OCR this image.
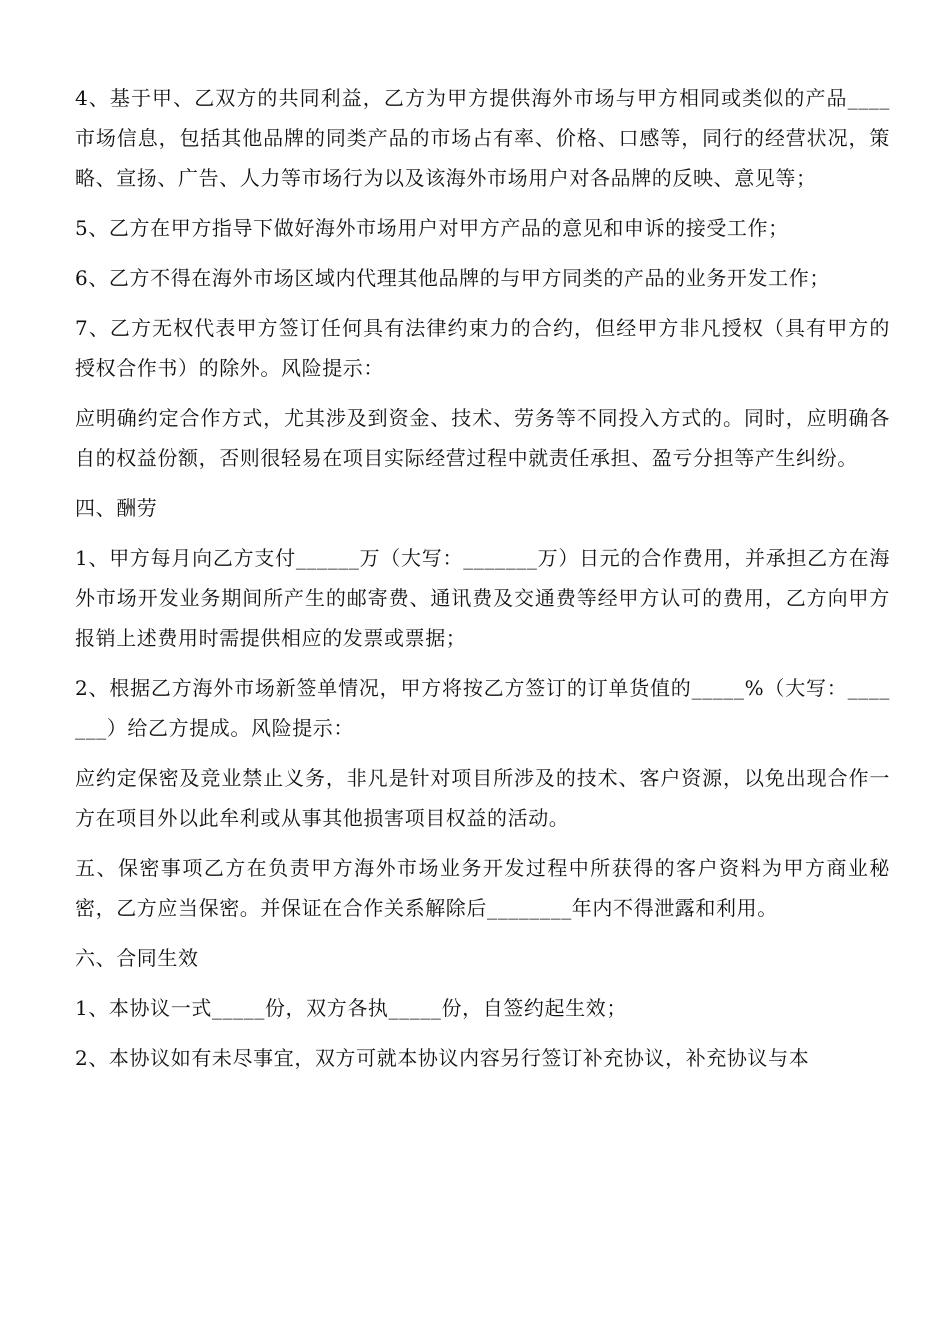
4、基于甲、乙双方的共同利益，乙方为甲方提供海外市场与甲方相同或类似的产品____市场信息，包括其他品牌的同类产品的市场占有率、价格、口感等，同行的经营状况，策略、宣扬、广告、人力等市场行为以及该海外市场用户对各品牌的反映、意见等；

5、乙方在甲方指导下做好海外市场用户对甲方产品的意见和申诉的接受工作；

6、乙方不得在海外市场区域内代理其他品牌的与甲方同类的产品的业务开发工作；

7、乙方无权代表甲方签订任何具有法律约束力的合约，但经甲方非凡授权（具有甲方的授权合作书）的除外。风险提示：

应明确约定合作方式，尤其涉及到资金、技术、劳务等不同投入方式的。同时，应明确各自的权益份额，否则很轻易在项目实际经营过程中就责任承担、盈亏分担等产生纠纷。

四、酬劳

1、甲方每月向乙方支付______万（大写：_______万）日元的合作费用，并承担乙方在海外市场开发业务期间所产生的邮寄费、通讯费及交通费等经甲方认可的费用，乙方向甲方报销上述费用时需提供相应的发票或票据；

2、根据乙方海外市场新签单情况，甲方将按乙方签订的订单货值的_____%（大写：_______）给乙方提成。风险提示：

应约定保密及竞业禁止义务，非凡是针对项目所涉及的技术、客户资源，以免出现合作一方在项目外以此牟利或从事其他损害项目权益的活动。

五、保密事项乙方在负责甲方海外市场业务开发过程中所获得的客户资料为甲方商业秘密，乙方应当保密。并保证在合作关系解除后________年内不得泄露和利用。

六、合同生效

1、本协议一式_____份，双方各执_____份，自签约起生效；

2、本协议如有未尽事宜，双方可就本协议内容另行签订补充协议，补充协议与本
